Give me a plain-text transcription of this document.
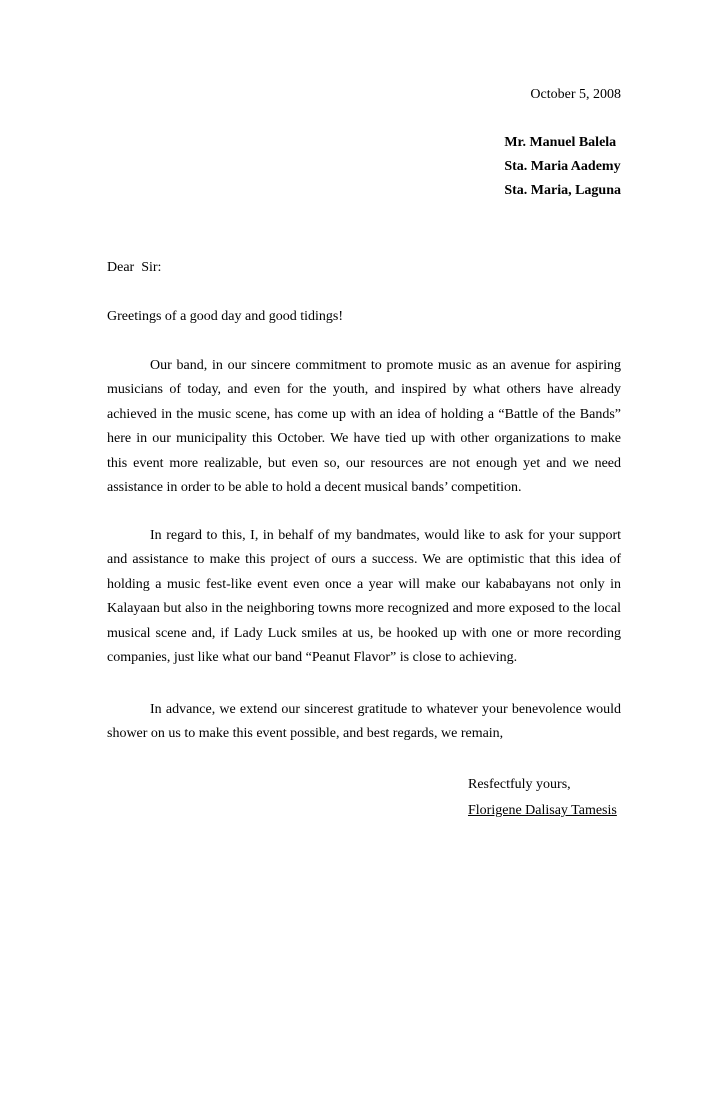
October 5, 2008
Mr. Manuel Balela
Sta. Maria Aademy
Sta. Maria, Laguna
Dear  Sir:
Greetings of a good day and good tidings!
Our band, in our sincere commitment to promote music as an avenue for aspiring musicians of today, and even for the youth, and inspired by what others have already achieved in the music scene, has come up with an idea of holding a “Battle of the Bands” here in our municipality this October. We have tied up with other organizations to make this event more realizable, but even so, our resources are not enough yet and we need assistance in order to be able to hold a decent musical bands’ competition.
In regard to this, I, in behalf of my bandmates, would like to ask for your support and assistance to make this project of ours a success. We are optimistic that this idea of holding a music fest-like event even once a year will make our kababayans not only in Kalayaan but also in the neighboring towns more recognized and more exposed to the local musical scene and, if Lady Luck smiles at us, be hooked up with one or more recording companies, just like what our band “Peanut Flavor” is close to achieving.
In advance, we extend our sincerest gratitude to whatever your benevolence would shower on us to make this event possible, and best regards, we remain,
Resfectfuly yours,
Florigene Dalisay Tamesis
